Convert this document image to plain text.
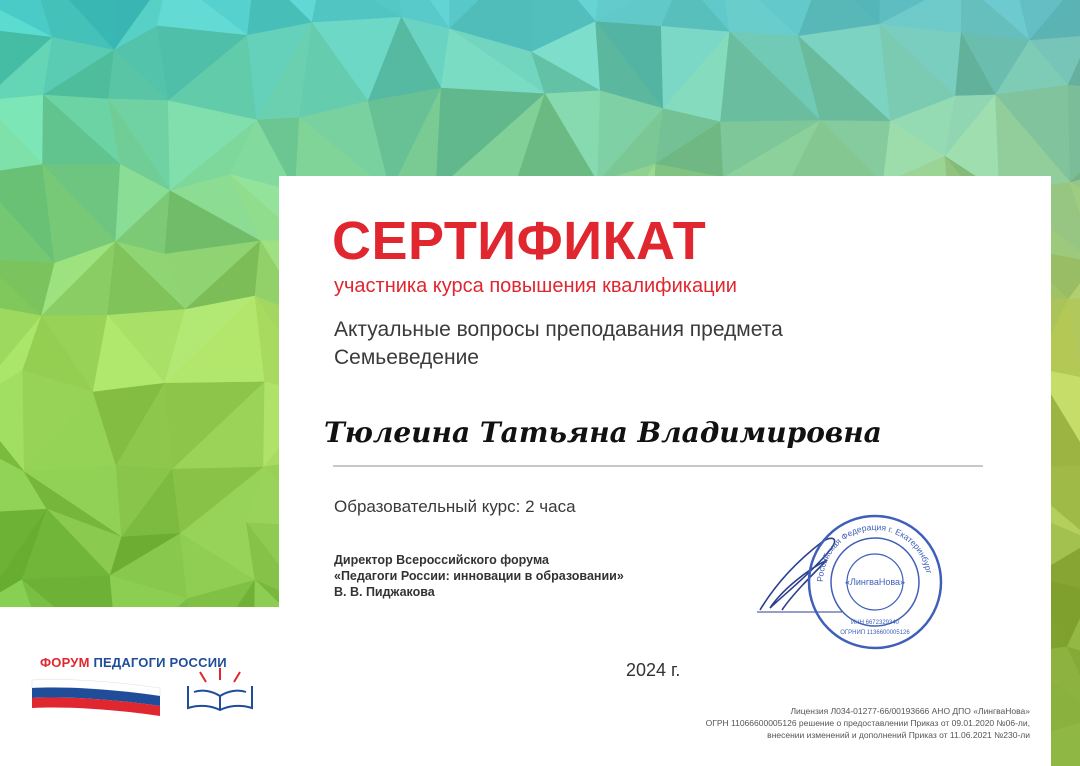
СЕРТИФИКАТ
участника курса повышения квалификации
Актуальные вопросы преподавания предмета
Семьеведение
Тюлеина Татьяна Владимировна
Образовательный курс: 2 часа
Директор Всероссийского форума
«Педагоги России: инновации в образовании»
В. В. Пиджакова
Российская Федерация г. Екатеринбург
«ЛингваНова»
ИНН 6672329340
ОГРНИП 1136600005126
2024 г.
Лицензия Л034-01277-66/00193666 АНО ДПО «ЛингваНова»
ОГРН 11066600005126 решение о предоставлении Приказ от 09.01.2020 №06-ли,
внесении изменений и дополнений Приказ от 11.06.2021 №230-ли
ФОРУМ ПЕДАГОГИ РОССИИ
